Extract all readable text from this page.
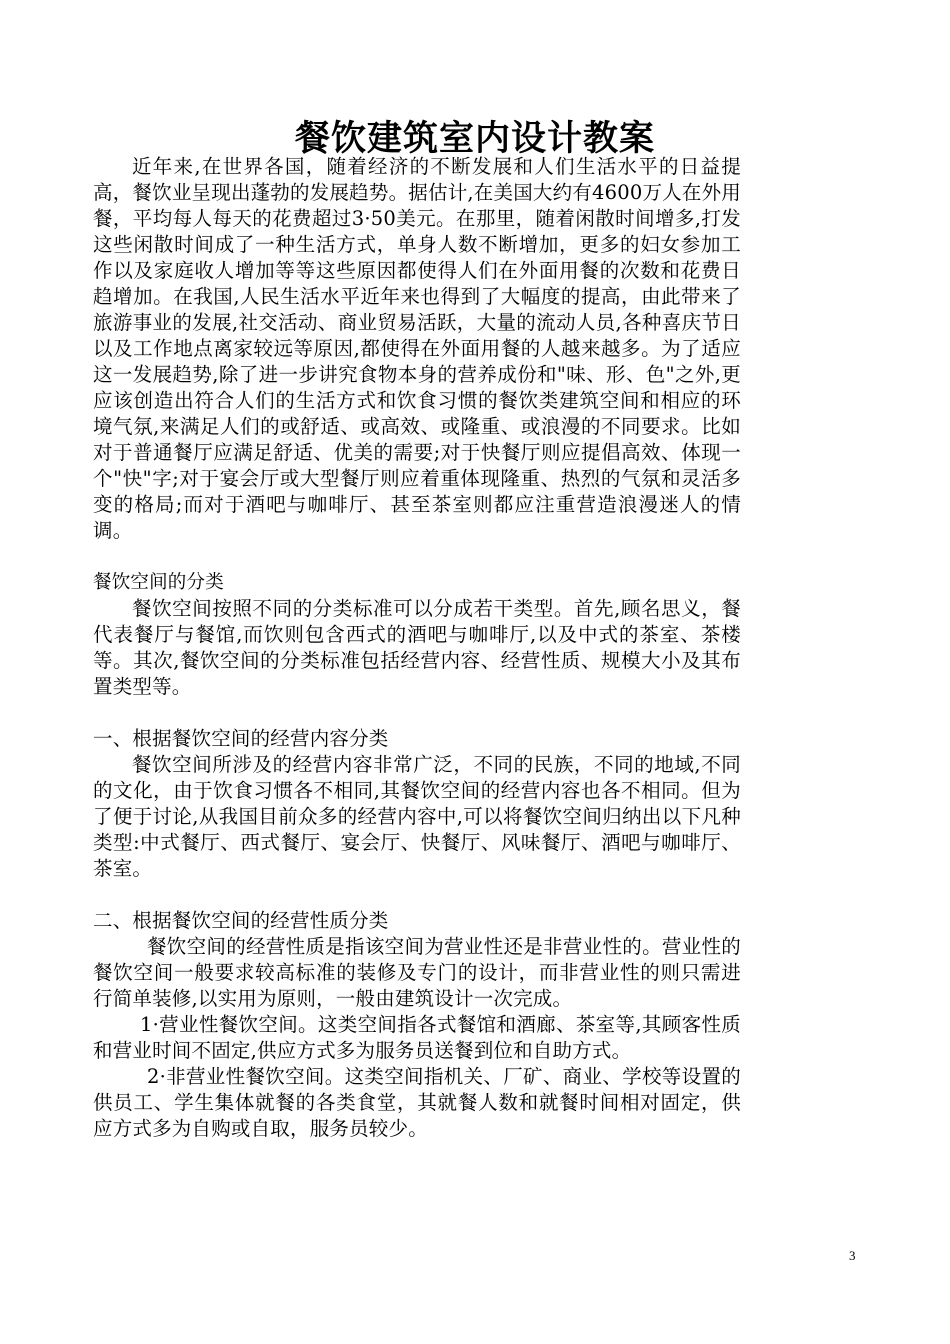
餐饮建筑室内设计教案

近年来,在世界各国，随着经济的不断发展和人们生活水平的日益提高，餐饮业呈现出蓬勃的发展趋势。据估计,在美国大约有4600万人在外用餐，平均每人每天的花费超过3·50美元。在那里，随着闲散时间增多,打发这些闲散时间成了一种生活方式，单身人数不断增加，更多的妇女参加工作以及家庭收人增加等等这些原因都使得人们在外面用餐的次数和花费日趋增加。在我国,人民生活水平近年来也得到了大幅度的提高，由此带来了旅游事业的发展,社交活动、商业贸易活跃，大量的流动人员,各种喜庆节日以及工作地点离家较远等原因,都使得在外面用餐的人越来越多。为了适应这一发展趋势,除了进一步讲究食物本身的营养成份和"味、形、色"之外,更应该创造出符合人们的生活方式和饮食习惯的餐饮类建筑空间和相应的环境气氛,来满足人们的或舒适、或高效、或隆重、或浪漫的不同要求。比如对于普通餐厅应满足舒适、优美的需要;对于快餐厅则应提倡高效、体现一个"快"字;对于宴会厅或大型餐厅则应着重体现隆重、热烈的气氛和灵活多变的格局;而对于酒吧与咖啡厅、甚至茶室则都应注重营造浪漫迷人的情调。

餐饮空间的分类

餐饮空间按照不同的分类标准可以分成若干类型。首先,顾名思义，餐代表餐厅与餐馆,而饮则包含西式的酒吧与咖啡厅,以及中式的茶室、茶楼等。其次,餐饮空间的分类标准包括经营内容、经营性质、规模大小及其布置类型等。

一、根据餐饮空间的经营内容分类

餐饮空间所涉及的经营内容非常广泛，不同的民族，不同的地域,不同的文化，由于饮食习惯各不相同,其餐饮空间的经营内容也各不相同。但为了便于讨论,从我国目前众多的经营内容中,可以将餐饮空间归纳出以下凡种类型:中式餐厅、西式餐厅、宴会厅、快餐厅、风味餐厅、酒吧与咖啡厅、茶室。

二、根据餐饮空间的经营性质分类

餐饮空间的经营性质是指该空间为营业性还是非营业性的。营业性的餐饮空间一般要求较高标准的装修及专门的设计，而非营业性的则只需进行简单装修,以实用为原则，一般由建筑设计一次完成。

1·营业性餐饮空间。这类空间指各式餐馆和酒廊、茶室等,其顾客性质和营业时间不固定,供应方式多为服务员送餐到位和自助方式。

2·非营业性餐饮空间。这类空间指机关、厂矿、商业、学校等设置的供员工、学生集体就餐的各类食堂，其就餐人数和就餐时间相对固定，供应方式多为自购或自取，服务员较少。

3
